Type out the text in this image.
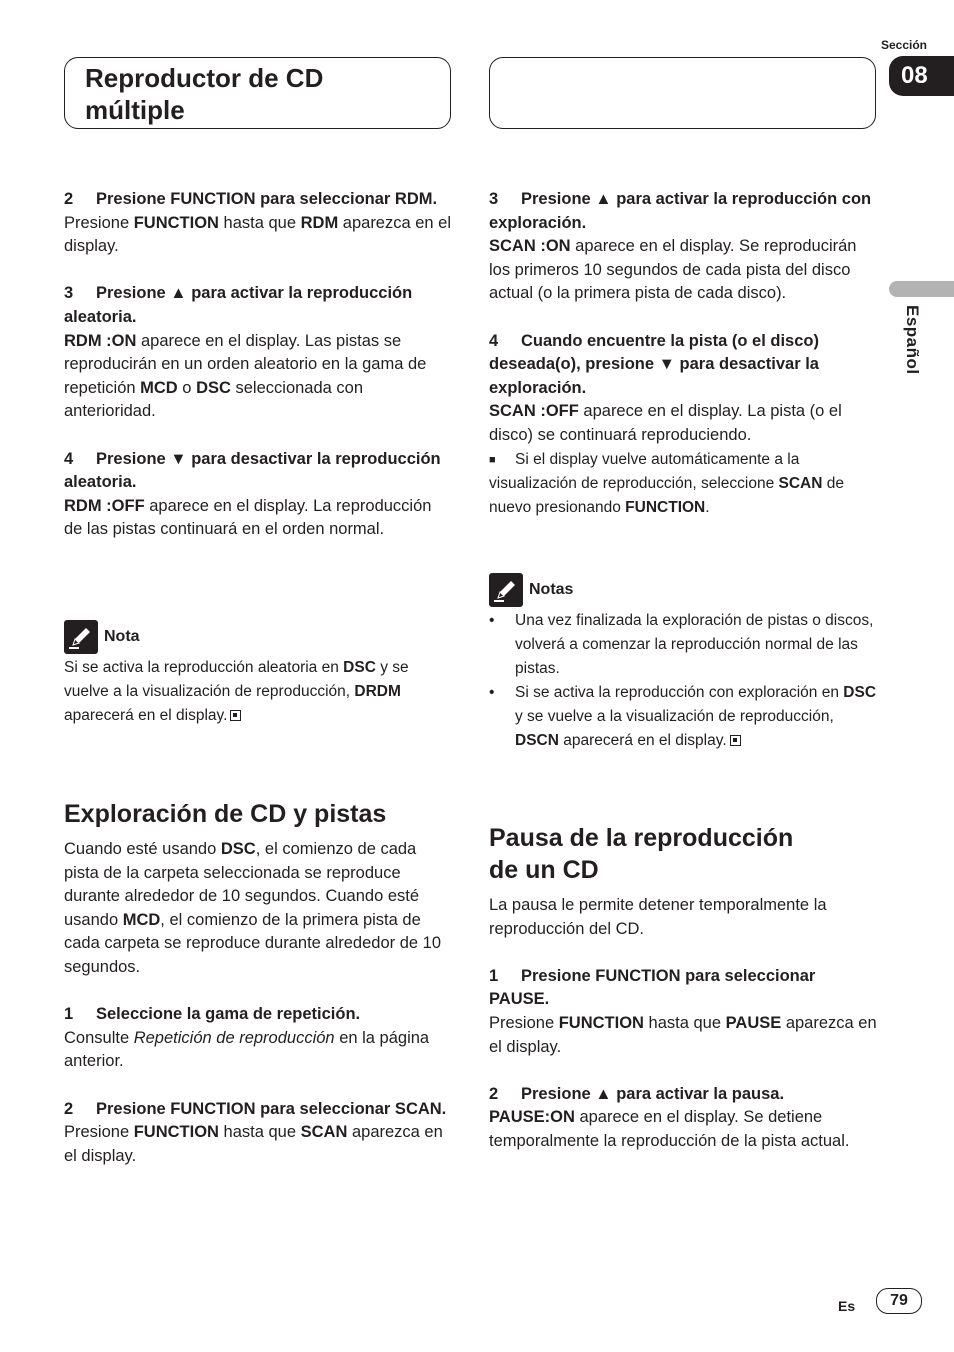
Reproductor de CD
múltiple
Sección
08
Español

2 Presione FUNCTION para seleccionar RDM.

Presione FUNCTION hasta que RDM aparezca en el display.

3 Presione ▲ para activar la reproducción aleatoria.

RDM :ON aparece en el display. Las pistas se reproducirán en un orden aleatorio en la gama de repetición MCD o DSC seleccionada con anterioridad.

4 Presione ▼ para desactivar la reproducción aleatoria.

RDM :OFF aparece en el display. La reproducción de las pistas continuará en el orden normal.

Nota

Si se activa la reproducción aleatoria en DSC y se vuelve a la visualización de reproducción, DRDM aparecerá en el display.

Exploración de CD y pistas

Cuando esté usando DSC, el comienzo de cada pista de la carpeta seleccionada se reproduce durante alrededor de 10 segundos. Cuando esté usando MCD, el comienzo de la primera pista de cada carpeta se reproduce durante alrededor de 10 segundos.

1 Seleccione la gama de repetición.

Consulte Repetición de reproducción en la página anterior.

2 Presione FUNCTION para seleccionar SCAN.

Presione FUNCTION hasta que SCAN aparezca en el display.

3 Presione ▲ para activar la reproducción con exploración.

SCAN :ON aparece en el display. Se reproducirán los primeros 10 segundos de cada pista del disco actual (o la primera pista de cada disco).

4 Cuando encuentre la pista (o el disco) deseada(o), presione ▼ para desactivar la exploración.

SCAN :OFF aparece en el display. La pista (o el disco) se continuará reproduciendo.

■ Si el display vuelve automáticamente a la visualización de reproducción, seleccione SCAN de nuevo presionando FUNCTION.

Notas
•	Una vez finalizada la exploración de pistas o discos, volverá a comenzar la reproducción normal de las pistas.
•	Si se activa la reproducción con exploración en DSC y se vuelve a la visualización de reproducción, DSCN aparecerá en el display.

Pausa de la reproducción
de un CD

La pausa le permite detener temporalmente la reproducción del CD.

1 Presione FUNCTION para seleccionar PAUSE.

Presione FUNCTION hasta que PAUSE aparezca en el display.

2 Presione ▲ para activar la pausa.

PAUSE:ON aparece en el display. Se detiene temporalmente la reproducción de la pista actual.

Es	79
